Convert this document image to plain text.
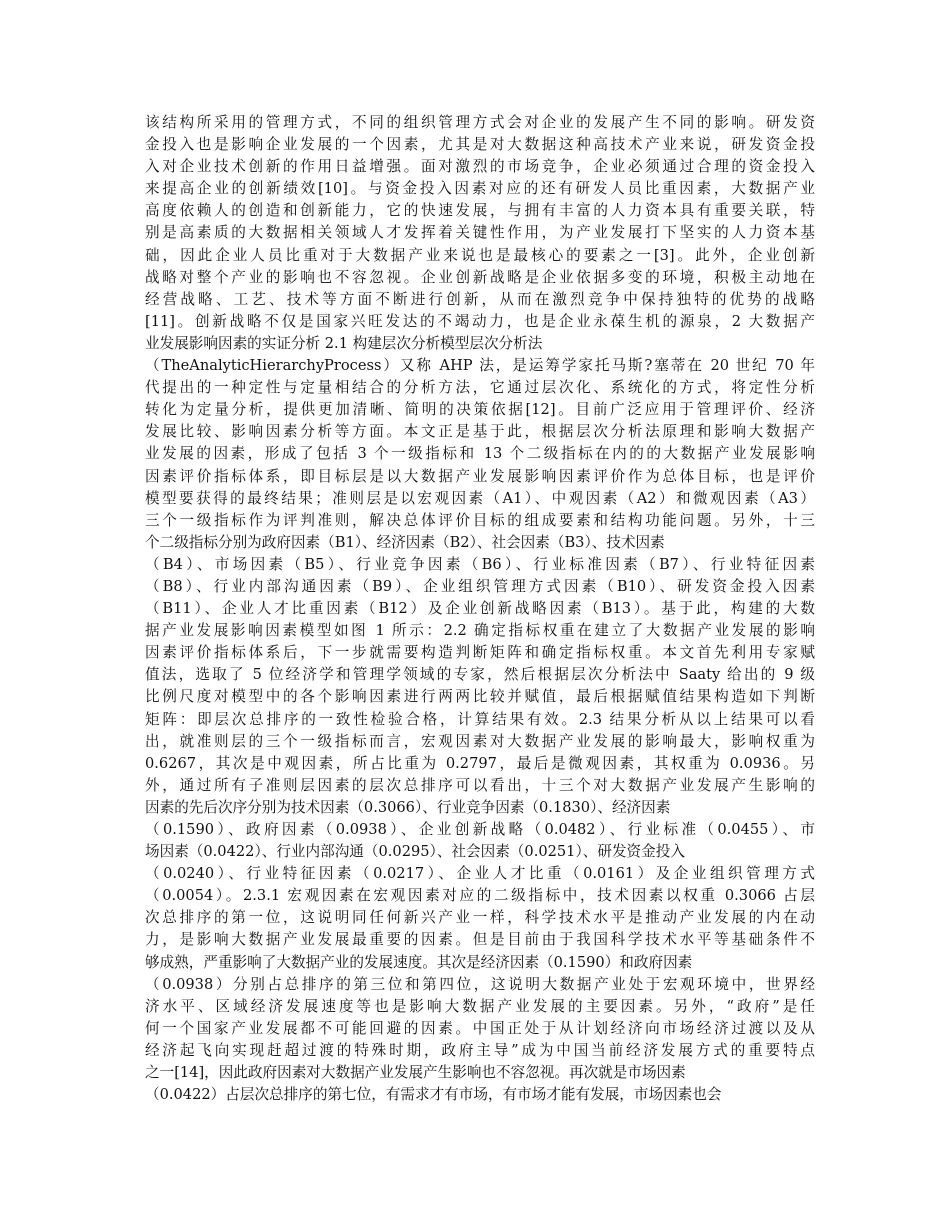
该结构所采用的管理方式，不同的组织管理方式会对企业的发展产生不同的影响。研发资
金投入也是影响企业发展的一个因素，尤其是对大数据这种高技术产业来说，研发资金投
入对企业技术创新的作用日益增强。面对激烈的市场竞争，企业必须通过合理的资金投入
来提高企业的创新绩效[10]。与资金投入因素对应的还有研发人员比重因素，大数据产业
高度依赖人的创造和创新能力，它的快速发展，与拥有丰富的人力资本具有重要关联，特
别是高素质的大数据相关领域人才发挥着关键性作用，为产业发展打下坚实的人力资本基
础，因此企业人员比重对于大数据产业来说也是最核心的要素之一[3]。此外，企业创新
战略对整个产业的影响也不容忽视。企业创新战略是企业依据多变的环境，积极主动地在
经营战略、工艺、技术等方面不断进行创新，从而在激烈竞争中保持独特的优势的战略
[11]。创新战略不仅是国家兴旺发达的不竭动力，也是企业永葆生机的源泉，2 大数据产
业发展影响因素的实证分析 2.1 构建层次分析模型层次分析法
（TheAnalyticHierarchyProcess）又称 AHP 法，是运筹学家托马斯?塞蒂在 20 世纪 70 年
代提出的一种定性与定量相结合的分析方法，它通过层次化、系统化的方式，将定性分析
转化为定量分析，提供更加清晰、简明的决策依据[12]。目前广泛应用于管理评价、经济
发展比较、影响因素分析等方面。本文正是基于此，根据层次分析法原理和影响大数据产
业发展的因素，形成了包括 3 个一级指标和 13 个二级指标在内的的大数据产业发展影响
因素评价指标体系，即目标层是以大数据产业发展影响因素评价作为总体目标，也是评价
模型要获得的最终结果；准则层是以宏观因素（A1）、中观因素（A2）和微观因素（A3）
三个一级指标作为评判准则，解决总体评价目标的组成要素和结构功能问题。另外，十三
个二级指标分别为政府因素（B1）、经济因素（B2）、社会因素（B3）、技术因素
（B4）、市场因素（B5）、行业竞争因素（B6）、行业标准因素（B7）、行业特征因素
（B8）、行业内部沟通因素（B9）、企业组织管理方式因素（B10）、研发资金投入因素
（B11）、企业人才比重因素（B12）及企业创新战略因素（B13）。基于此，构建的大数
据产业发展影响因素模型如图 1 所示：2.2 确定指标权重在建立了大数据产业发展的影响
因素评价指标体系后，下一步就需要构造判断矩阵和确定指标权重。本文首先利用专家赋
值法，选取了 5 位经济学和管理学领域的专家，然后根据层次分析法中 Saaty 给出的 9 级
比例尺度对模型中的各个影响因素进行两两比较并赋值，最后根据赋值结果构造如下判断
矩阵：即层次总排序的一致性检验合格，计算结果有效。2.3 结果分析从以上结果可以看
出，就准则层的三个一级指标而言，宏观因素对大数据产业发展的影响最大，影响权重为
0.6267，其次是中观因素，所占比重为 0.2797，最后是微观因素，其权重为 0.0936。另
外，通过所有子准则层因素的层次总排序可以看出，十三个对大数据产业发展产生影响的
因素的先后次序分别为技术因素（0.3066）、行业竞争因素（0.1830）、经济因素
（0.1590）、政府因素（0.0938）、企业创新战略（0.0482）、行业标准（0.0455）、市
场因素（0.0422）、行业内部沟通（0.0295）、社会因素（0.0251）、研发资金投入
（0.0240）、行业特征因素（0.0217）、企业人才比重（0.0161）及企业组织管理方式
（0.0054）。2.3.1 宏观因素在宏观因素对应的二级指标中，技术因素以权重 0.3066 占层
次总排序的第一位，这说明同任何新兴产业一样，科学技术水平是推动产业发展的内在动
力，是影响大数据产业发展最重要的因素。但是目前由于我国科学技术水平等基础条件不
够成熟，严重影响了大数据产业的发展速度。其次是经济因素（0.1590）和政府因素
（0.0938）分别占总排序的第三位和第四位，这说明大数据产业处于宏观环境中，世界经
济水平、区域经济发展速度等也是影响大数据产业发展的主要因素。另外，“政府”是任
何一个国家产业发展都不可能回避的因素。中国正处于从计划经济向市场经济过渡以及从
经济起飞向实现赶超过渡的特殊时期，政府主导”成为中国当前经济发展方式的重要特点
之一[14]，因此政府因素对大数据产业发展产生影响也不容忽视。再次就是市场因素
（0.0422）占层次总排序的第七位，有需求才有市场，有市场才能有发展，市场因素也会
